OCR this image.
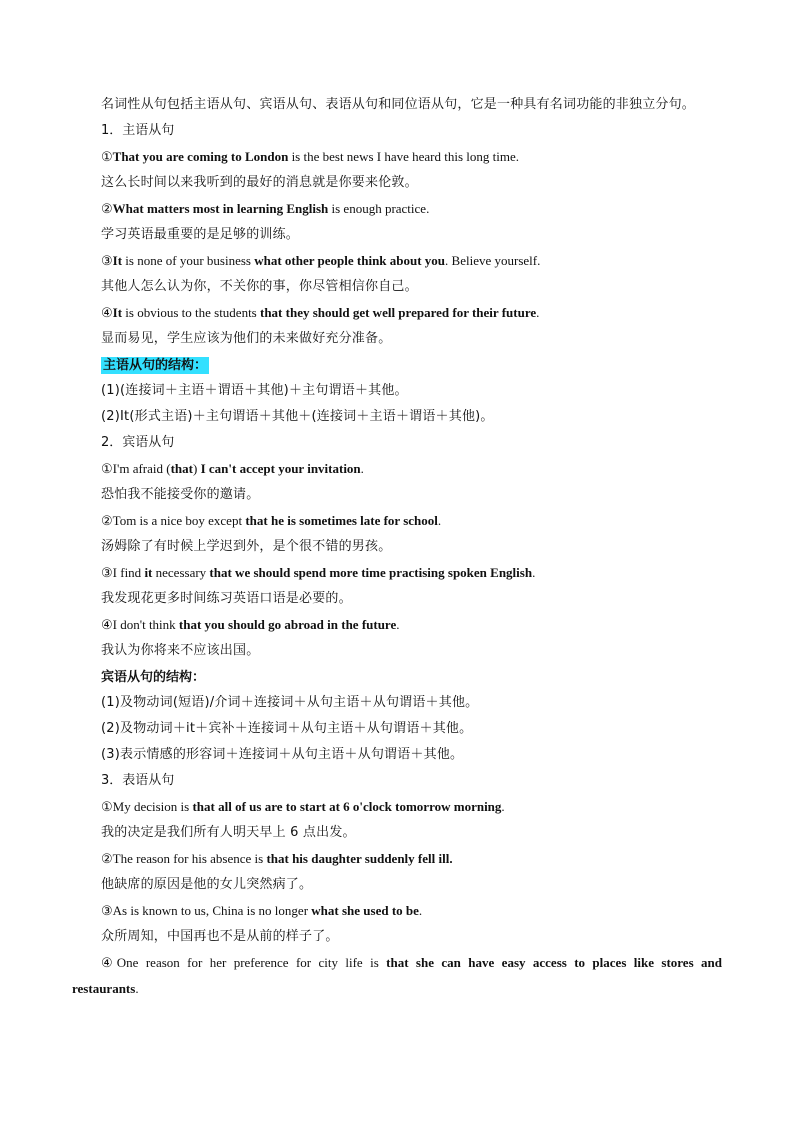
名词性从句包括主语从句、宾语从句、表语从句和同位语从句，它是一种具有名词功能的非独立分句。
1．主语从句
①That you are coming to London is the best news I have heard this long time.
这么长时间以来我听到的最好的消息就是你要来伦敦。
②What matters most in learning English is enough practice.
学习英语最重要的是足够的训练。
③It is none of your business what other people think about you. Believe yourself.
其他人怎么认为你，不关你的事，你尽管相信你自己。
④It is obvious to the students that they should get well prepared for their future.
显而易见，学生应该为他们的未来做好充分准备。
主语从句的结构：
(1)(连接词＋主语＋谓语＋其他)＋主句谓语＋其他。
(2)It(形式主语)＋主句谓语＋其他＋(连接词＋主语＋谓语＋其他)。
2．宾语从句
①I'm afraid (that) I can't accept your invitation.
恐怕我不能接受你的邀请。
②Tom is a nice boy except that he is sometimes late for school.
汤姆除了有时候上学迟到外，是个很不错的男孩。
③I find it necessary that we should spend more time practising spoken English.
我发现花更多时间练习英语口语是必要的。
④I don't think that you should go abroad in the future.
我认为你将来不应该出国。
宾语从句的结构：
(1)及物动词(短语)/介词＋连接词＋从句主语＋从句谓语＋其他。
(2)及物动词＋it＋宾补＋连接词＋从句主语＋从句谓语＋其他。
(3)表示情感的形容词＋连接词＋从句主语＋从句谓语＋其他。
3．表语从句
①My decision is that all of us are to start at 6 o'clock tomorrow morning.
我的决定是我们所有人明天早上 6 点出发。
②The reason for his absence is that his daughter suddenly fell ill.
他缺席的原因是他的女儿突然病了。
③As is known to us, China is no longer what she used to be.
众所周知，中国再也不是从前的样子了。
④One reason for her preference for city life is that she can have easy access to places like stores and
restaurants.
